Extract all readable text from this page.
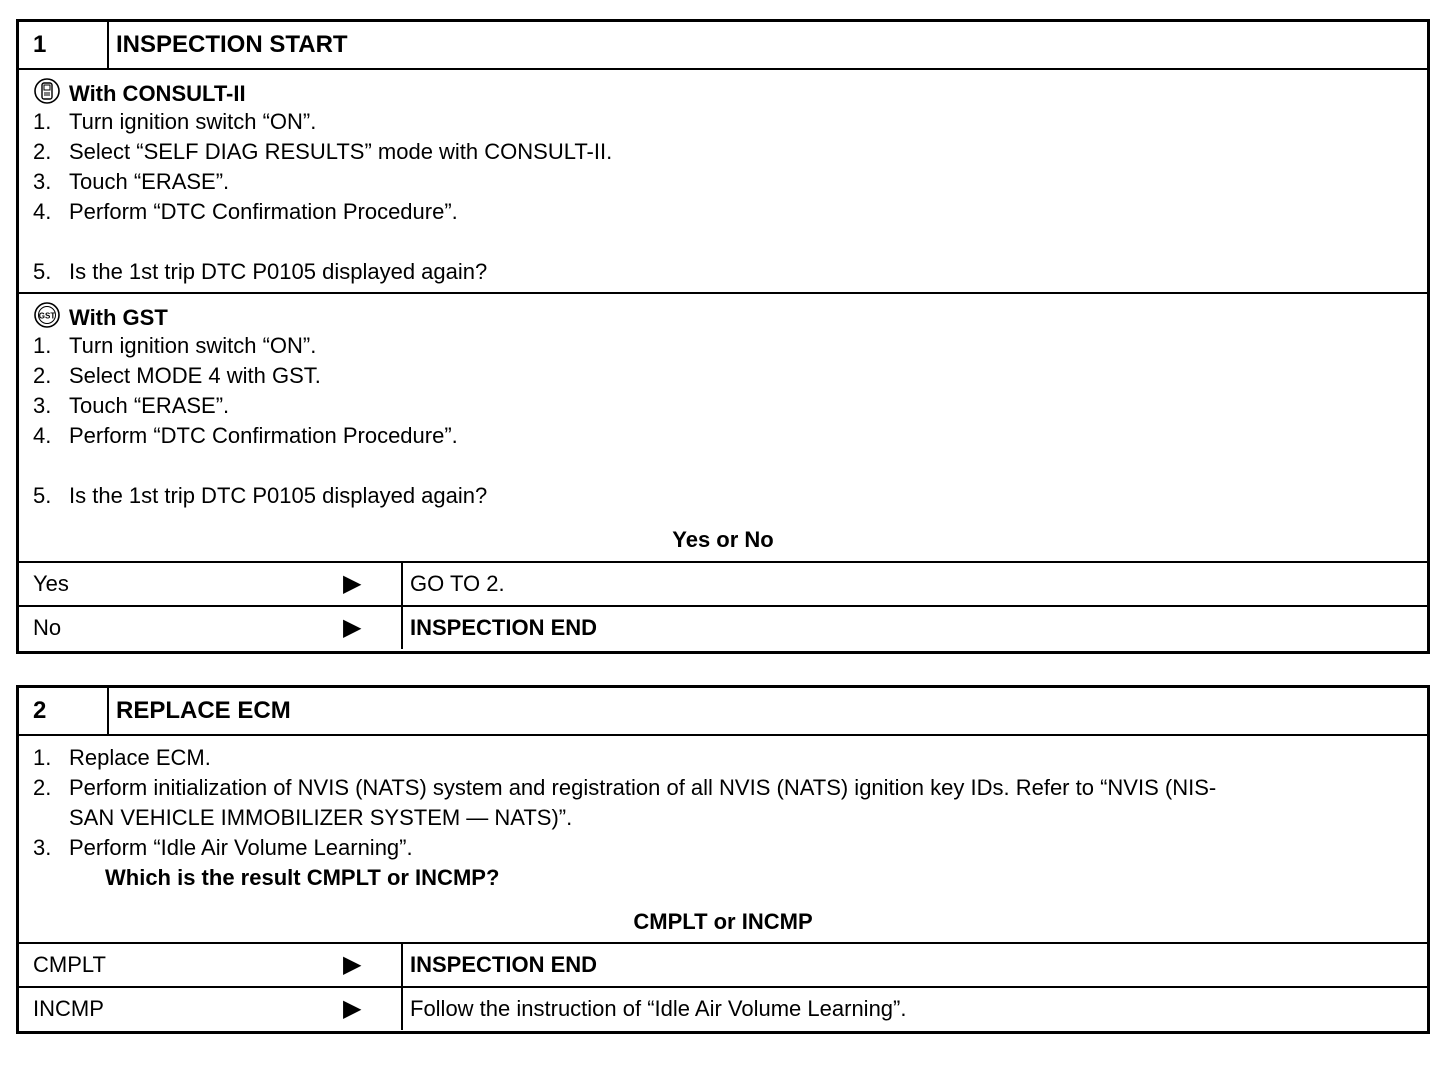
1	INSPECTION START
With CONSULT-II
1. Turn ignition switch “ON”.
2. Select “SELF DIAG RESULTS” mode with CONSULT-II.
3. Touch “ERASE”.
4. Perform “DTC Confirmation Procedure”.
5. Is the 1st trip DTC P0105 displayed again?
GST With GST
1. Turn ignition switch “ON”.
2. Select MODE 4 with GST.
3. Touch “ERASE”.
4. Perform “DTC Confirmation Procedure”.
5. Is the 1st trip DTC P0105 displayed again?
Yes or No
Yes	▶ GO TO 2.
No	▶ INSPECTION END
2	REPLACE ECM
1. Replace ECM.
2. Perform initialization of NVIS (NATS) system and registration of all NVIS (NATS) ignition key IDs. Refer to “NVIS (NIS-
SAN VEHICLE IMMOBILIZER SYSTEM — NATS)”.
3. Perform “Idle Air Volume Learning”.
Which is the result CMPLT or INCMP?
CMPLT or INCMP
CMPLT	▶ INSPECTION END
INCMP	▶ Follow the instruction of “Idle Air Volume Learning”.
